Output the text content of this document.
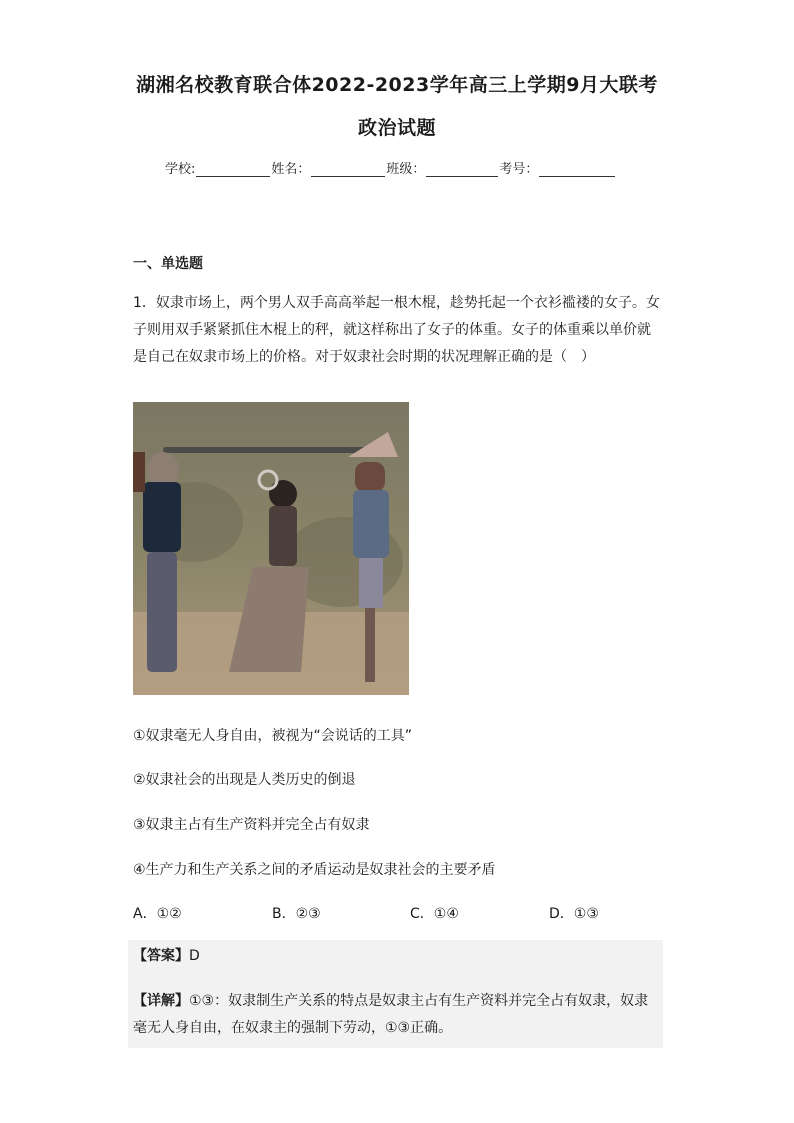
湖湘名校教育联合体2022-2023学年高三上学期9月大联考
政治试题
学校:	姓名：	班级：	考号：
一、单选题
1．奴隶市场上，两个男人双手高高举起一根木棍，趁势托起一个衣衫褴褛的女子。女子则用双手紧紧抓住木棍上的秤，就这样称出了女子的体重。女子的体重乘以单价就是自己在奴隶市场上的价格。对于奴隶社会时期的状况理解正确的是（　）
①奴隶毫无人身自由，被视为“会说话的工具”
②奴隶社会的出现是人类历史的倒退
③奴隶主占有生产资料并完全占有奴隶
④生产力和生产关系之间的矛盾运动是奴隶社会的主要矛盾
A．①②	B．②③	C．①④	D．①③
【答案】D
【详解】①③：奴隶制生产关系的特点是奴隶主占有生产资料并完全占有奴隶，奴隶毫无人身自由，在奴隶主的强制下劳动，①③正确。
